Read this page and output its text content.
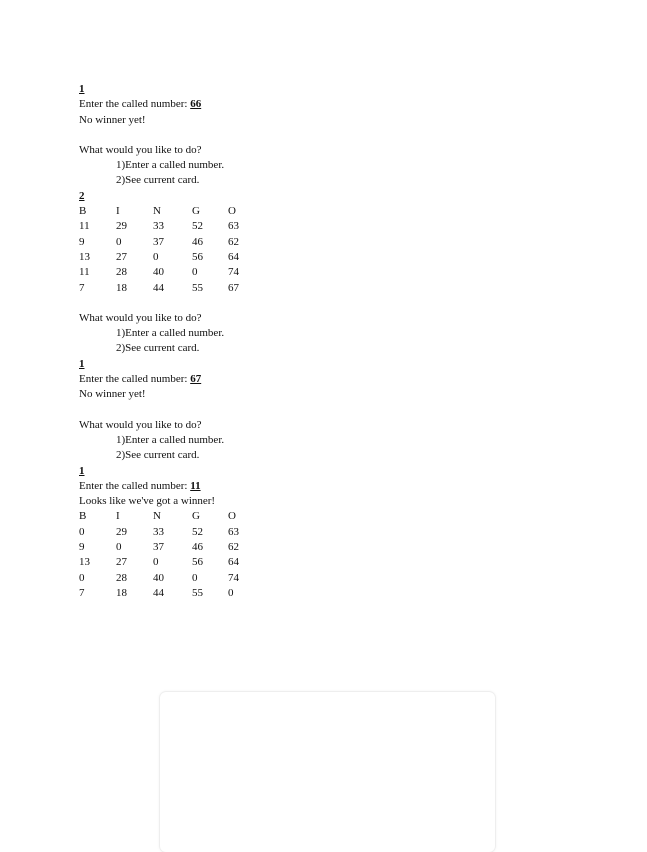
1
Enter the called number: 66
No winner yet!
What would you like to do?
1)Enter a called number.
2)See current card.
2
B	I	N	G	O
11	29	33	52	63
9	0	37	46	62
13	27	0	56	64
11	28	40	0	74
7	18	44	55	67
What would you like to do?
1)Enter a called number.
2)See current card.
1
Enter the called number: 67
No winner yet!
What would you like to do?
1)Enter a called number.
2)See current card.
1
Enter the called number: 11
Looks like we've got a winner!
B	I	N	G	O
0	29	33	52	63
9	0	37	46	62
13	27	0	56	64
0	28	40	0	74
7	18	44	55	0
